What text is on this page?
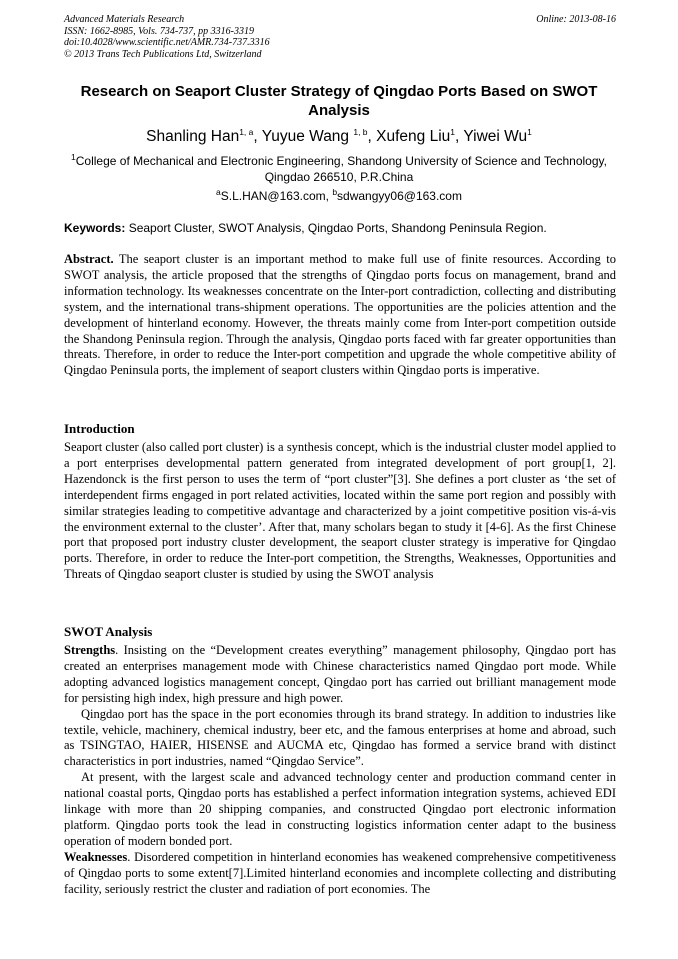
Advanced Materials Research
ISSN: 1662-8985, Vols. 734-737, pp 3316-3319
doi:10.4028/www.scientific.net/AMR.734-737.3316
© 2013 Trans Tech Publications Ltd, Switzerland
Online: 2013-08-16
Research on Seaport Cluster Strategy of Qingdao Ports Based on SWOT Analysis
Shanling Han$^{1, a}$, Yuyue Wang $^{1, b}$, Xufeng Liu$^1$, Yiwei Wu$^1$
$^1$College of Mechanical and Electronic Engineering, Shandong University of Science and Technology, Qingdao 266510, P.R.China
$^a$S.L.HAN@163.com, $^b$sdwangyy06@163.com
Keywords: Seaport Cluster, SWOT Analysis, Qingdao Ports, Shandong Peninsula Region.

Abstract. The seaport cluster is an important method to make full use of finite resources. According to SWOT analysis, the article proposed that the strengths of Qingdao ports focus on management, brand and information technology. Its weaknesses concentrate on the Inter-port contradiction, collecting and distributing system, and the international trans-shipment operations. The opportunities are the policies attention and the development of hinterland economy. However, the threats mainly come from Inter-port competition outside the Shandong Peninsula region. Through the analysis, Qingdao ports faced with far greater opportunities than threats. Therefore, in order to reduce the Inter-port competition and upgrade the whole competitive ability of Qingdao Peninsula ports, the implement of seaport clusters within Qingdao ports is imperative.

Introduction

Seaport cluster (also called port cluster) is a synthesis concept, which is the industrial cluster model applied to a port enterprises developmental pattern generated from integrated development of port group[1, 2]. Hazendonck is the first person to uses the term of “port cluster”[3]. She defines a port cluster as ‘the set of interdependent firms engaged in port related activities, located within the same port region and possibly with similar strategies leading to competitive advantage and characterized by a joint competitive position vis-á-vis the environment external to the cluster’. After that, many scholars began to study it [4-6]. As the first Chinese port that proposed port industry cluster development, the seaport cluster strategy is imperative for Qingdao ports. Therefore, in order to reduce the Inter-port competition, the Strengths, Weaknesses, Opportunities and Threats of Qingdao seaport cluster is studied by using the SWOT analysis

SWOT Analysis

Strengths. Insisting on the “Development creates everything” management philosophy, Qingdao port has created an enterprises management mode with Chinese characteristics named Qingdao port mode. While adopting advanced logistics management concept, Qingdao port has carried out brilliant management mode for persisting high index, high pressure and high power.

Qingdao port has the space in the port economies through its brand strategy. In addition to industries like textile, vehicle, machinery, chemical industry, beer etc, and the famous enterprises at home and abroad, such as TSINGTAO, HAIER, HISENSE and AUCMA etc, Qingdao has formed a service brand with distinct characteristics in port industries, named “Qingdao Service”.

At present, with the largest scale and advanced technology center and production command center in national coastal ports, Qingdao ports has established a perfect information integration systems, achieved EDI linkage with more than 20 shipping companies, and constructed Qingdao port electronic information platform. Qingdao ports took the lead in constructing logistics information center adapt to the business operation of modern bonded port.

Weaknesses. Disordered competition in hinterland economies has weakened comprehensive competitiveness of Qingdao ports to some extent[7].Limited hinterland economies and incomplete collecting and distributing facility, seriously restrict the cluster and radiation of port economies. The
